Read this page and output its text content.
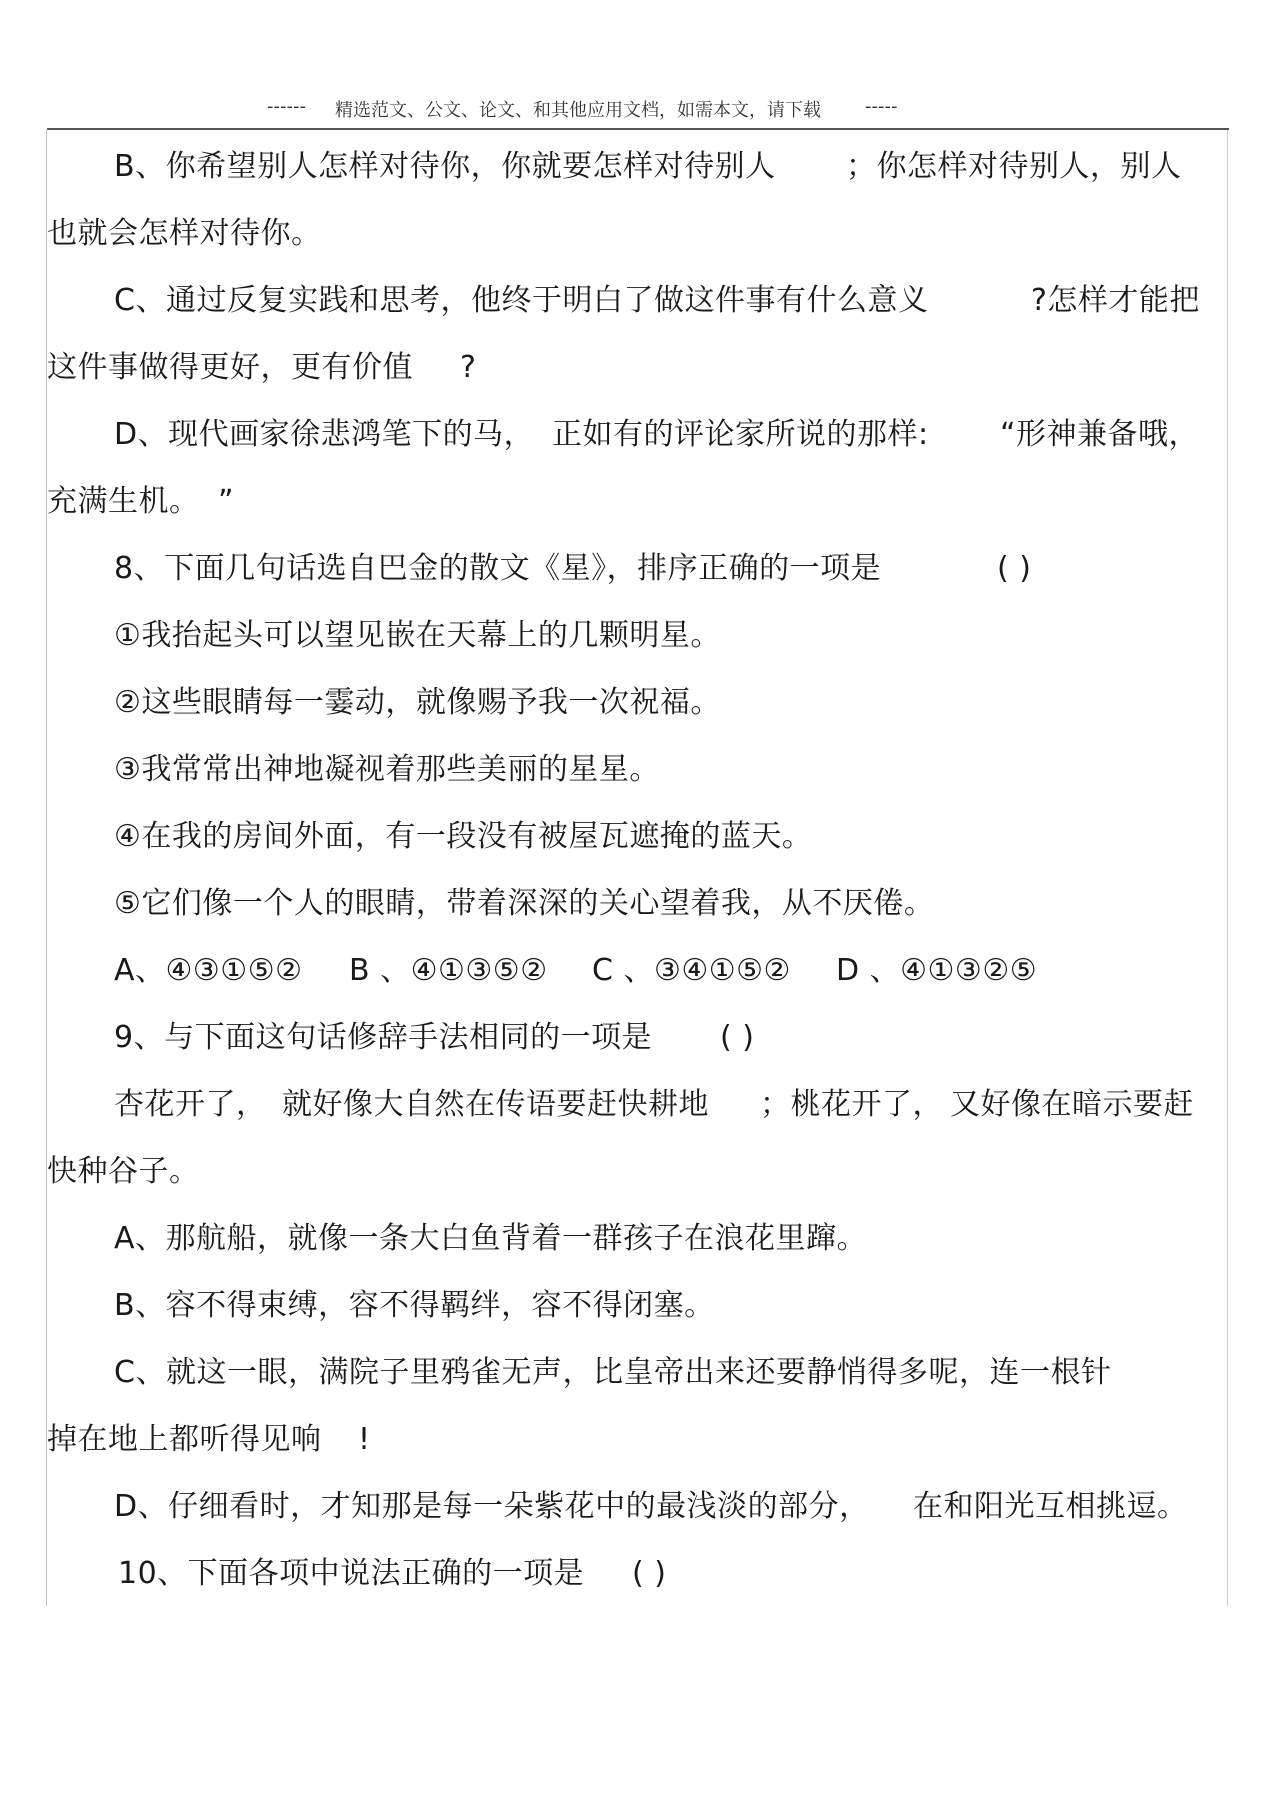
------

精选范文、公文、论文、和其他应用文档，如需本文，请下载

-----

B、你希望别人怎样对待你，你就要怎样对待别人

；你怎样对待别人，别人

也就会怎样对待你。

C、通过反复实践和思考，他终于明白了做这件事有什么意义

	?怎样才能把

这件事做得更好，更有价值

?

D、现代画家徐悲鸿笔下的马，

正如有的评论家所说的那样:

“形神兼备哦，

充满生机。

”

8、下面几句话选自巴金的散文《星》，排序正确的一项是

	( )

①我抬起头可以望见嵌在天幕上的几颗明星。
②这些眼睛每一霎动，就像赐予我一次祝福。
③我常常出神地凝视着那些美丽的星星。
④在我的房间外面，有一段没有被屋瓦遮掩的蓝天。
⑤它们像一个人的眼睛，带着深深的关心望着我，从不厌倦。

A、④③①⑤②

B 、④①③⑤②

C 、③④①⑤②

D 、④①③②⑤

9、与下面这句话修辞手法相同的一项是

( )

杏花开了，

就好像大自然在传语要赶快耕地

；桃花开了，

又好像在暗示要赶

快种谷子。
A、那航船，就像一条大白鱼背着一群孩子在浪花里蹿。
B、容不得束缚，容不得羁绊，容不得闭塞。
C、就这一眼，满院子里鸦雀无声，比皇帝出来还要静悄得多呢，连一根针

掉在地上都听得见响

!

D、仔细看时，才知那是每一朵紫花中的最浅淡的部分，

在和阳光互相挑逗。

10、下面各项中说法正确的一项是

( )
